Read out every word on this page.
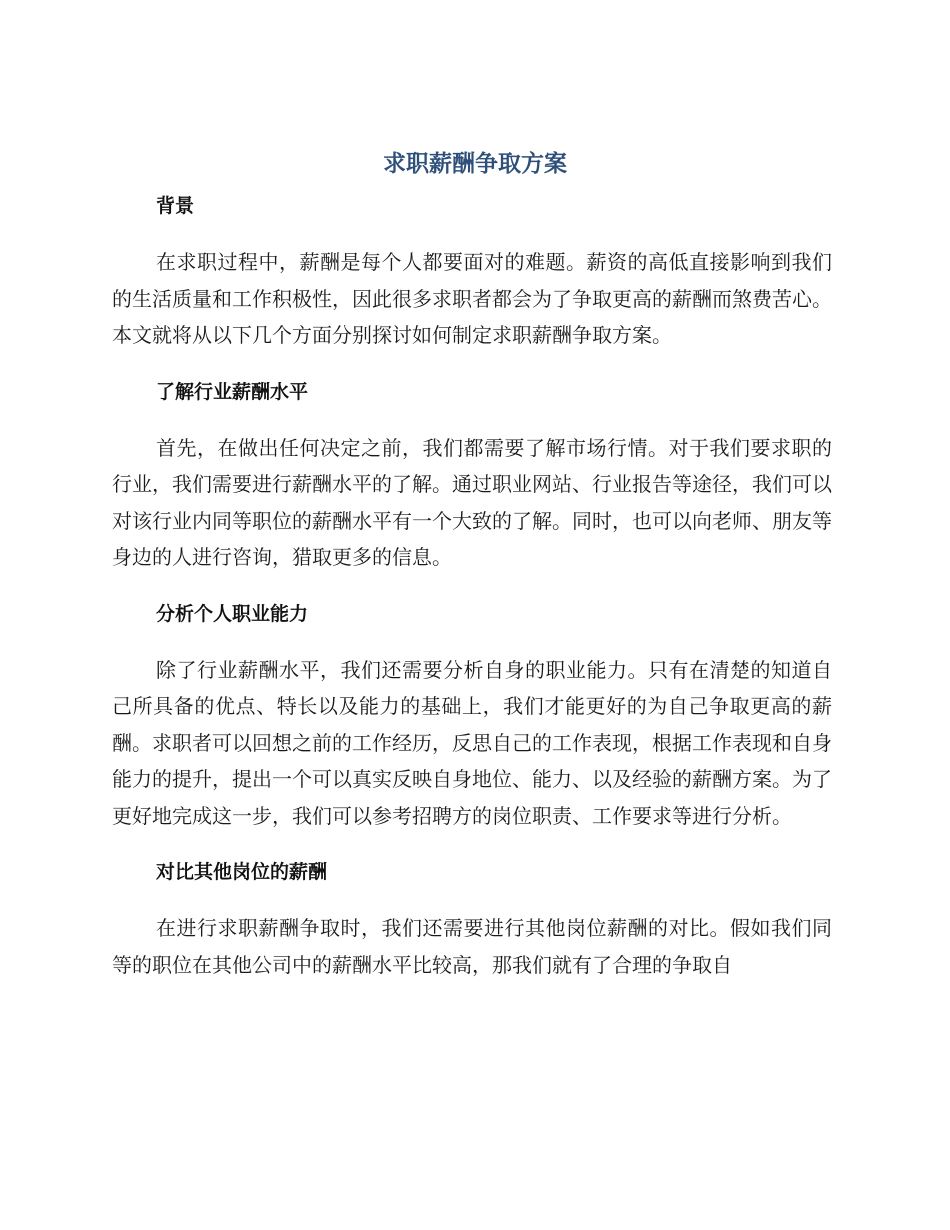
求职薪酬争取方案
背景

在求职过程中，薪酬是每个人都要面对的难题。薪资的高低直接影响到我们的生活质量和工作积极性，因此很多求职者都会为了争取更高的薪酬而煞费苦心。本文就将从以下几个方面分别探讨如何制定求职薪酬争取方案。

了解行业薪酬水平

首先，在做出任何决定之前，我们都需要了解市场行情。对于我们要求职的行业，我们需要进行薪酬水平的了解。通过职业网站、行业报告等途径，我们可以对该行业内同等职位的薪酬水平有一个大致的了解。同时，也可以向老师、朋友等身边的人进行咨询，猎取更多的信息。

分析个人职业能力

除了行业薪酬水平，我们还需要分析自身的职业能力。只有在清楚的知道自己所具备的优点、特长以及能力的基础上，我们才能更好的为自己争取更高的薪酬。求职者可以回想之前的工作经历，反思自己的工作表现，根据工作表现和自身能力的提升，提出一个可以真实反映自身地位、能力、以及经验的薪酬方案。为了更好地完成这一步，我们可以参考招聘方的岗位职责、工作要求等进行分析。

对比其他岗位的薪酬

在进行求职薪酬争取时，我们还需要进行其他岗位薪酬的对比。假如我们同等的职位在其他公司中的薪酬水平比较高，那我们就有了合理的争取自
